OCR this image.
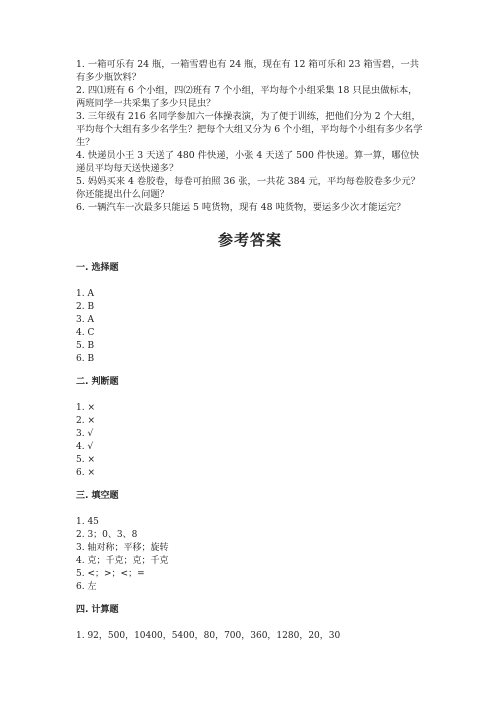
1. 一箱可乐有 24 瓶，一箱雪碧也有 24 瓶，现在有 12 箱可乐和 23 箱雪碧，一共有多少瓶饮料？

2. 四⑴班有 6 个小组，四⑵班有 7 个小组，平均每个小组采集 18 只昆虫做标本，两班同学一共采集了多少只昆虫？

3. 三年级有 216 名同学参加六一体操表演，为了便于训练，把他们分为 2 个大组，平均每个大组有多少名学生？把每个大组又分为 6 个小组，平均每个小组有多少名学生？

4. 快递员小王 3 天送了 480 件快递，小张 4 天送了 500 件快递。算一算，哪位快递员平均每天送快递多？

5. 妈妈买来 4 卷胶卷，每卷可拍照 36 张，一共花 384 元，平均每卷胶卷多少元？你还能提出什么问题？

6. 一辆汽车一次最多只能运 5 吨货物，现有 48 吨货物，要运多少次才能运完？

参考答案

一. 选择题

1. A
2. B
3. A
4. C
5. B
6. B

二. 判断题

1. ×
2. ×
3. √
4. √
5. ×
6. ×

三. 填空题

1. 45
2. 3；0、3、8
3. 轴对称；平移；旋转
4. 克；千克；克；千克
5. <；>；<；=
6. 左

四. 计算题

1. 92，500，10400，5400，80，700，360，1280，20，30
